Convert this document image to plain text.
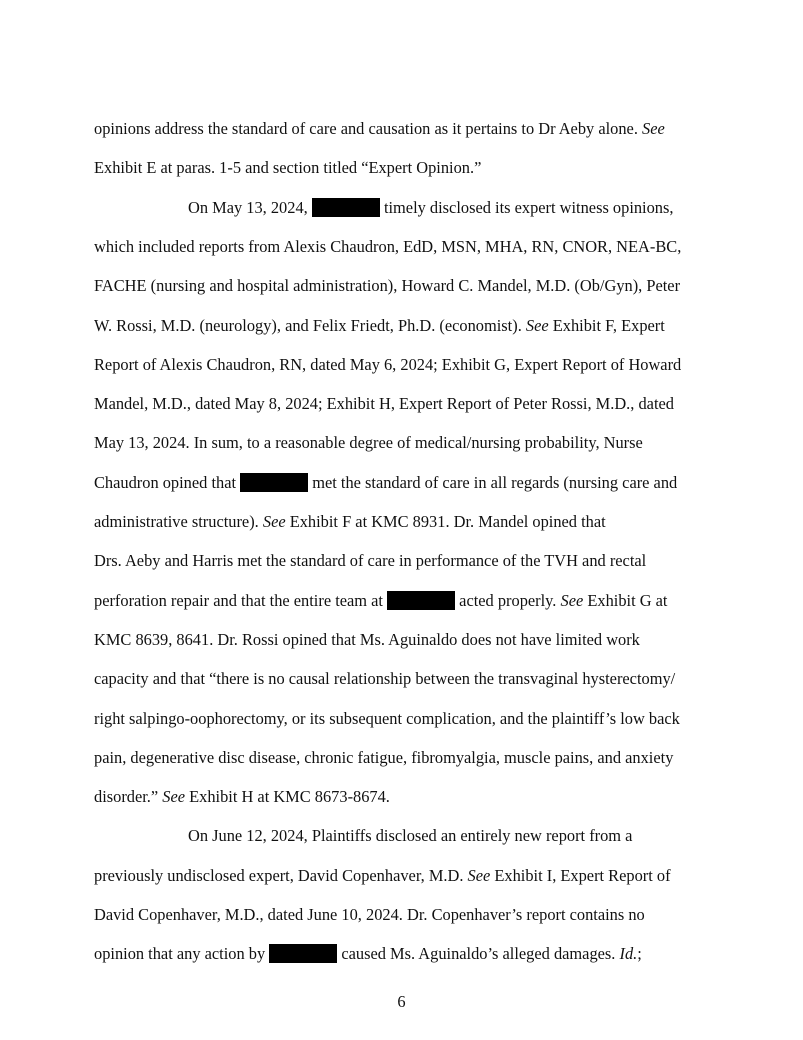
opinions address the standard of care and causation as it pertains to Dr Aeby alone. See
Exhibit E at paras. 1-5 and section titled “Expert Opinion.”
On May 13, 2024,	timely disclosed its expert witness opinions,
which included reports from Alexis Chaudron, EdD, MSN, MHA, RN, CNOR, NEA-BC,
FACHE (nursing and hospital administration), Howard C. Mandel, M.D. (Ob/Gyn), Peter
W. Rossi, M.D. (neurology), and Felix Friedt, Ph.D. (economist). See Exhibit F, Expert
Report of Alexis Chaudron, RN, dated May 6, 2024; Exhibit G, Expert Report of Howard
Mandel, M.D., dated May 8, 2024; Exhibit H, Expert Report of Peter Rossi, M.D., dated
May 13, 2024. In sum, to a reasonable degree of medical/nursing probability, Nurse
Chaudron opined that	met the standard of care in all regards (nursing care and
administrative structure). See Exhibit F at KMC 8931. Dr. Mandel opined that
Drs. Aeby and Harris met the standard of care in performance of the TVH and rectal
perforation repair and that the entire team at	acted properly. See Exhibit G at
KMC 8639, 8641. Dr. Rossi opined that Ms. Aguinaldo does not have limited work
capacity and that “there is no causal relationship between the transvaginal hysterectomy/
right salpingo-oophorectomy, or its subsequent complication, and the plaintiff’s low back
pain, degenerative disc disease, chronic fatigue, fibromyalgia, muscle pains, and anxiety
disorder.” See Exhibit H at KMC 8673-8674.
On June 12, 2024, Plaintiffs disclosed an entirely new report from a
previously undisclosed expert, David Copenhaver, M.D. See Exhibit I, Expert Report of
David Copenhaver, M.D., dated June 10, 2024. Dr. Copenhaver’s report contains no
opinion that any action by	caused Ms. Aguinaldo’s alleged damages. Id.;
6
